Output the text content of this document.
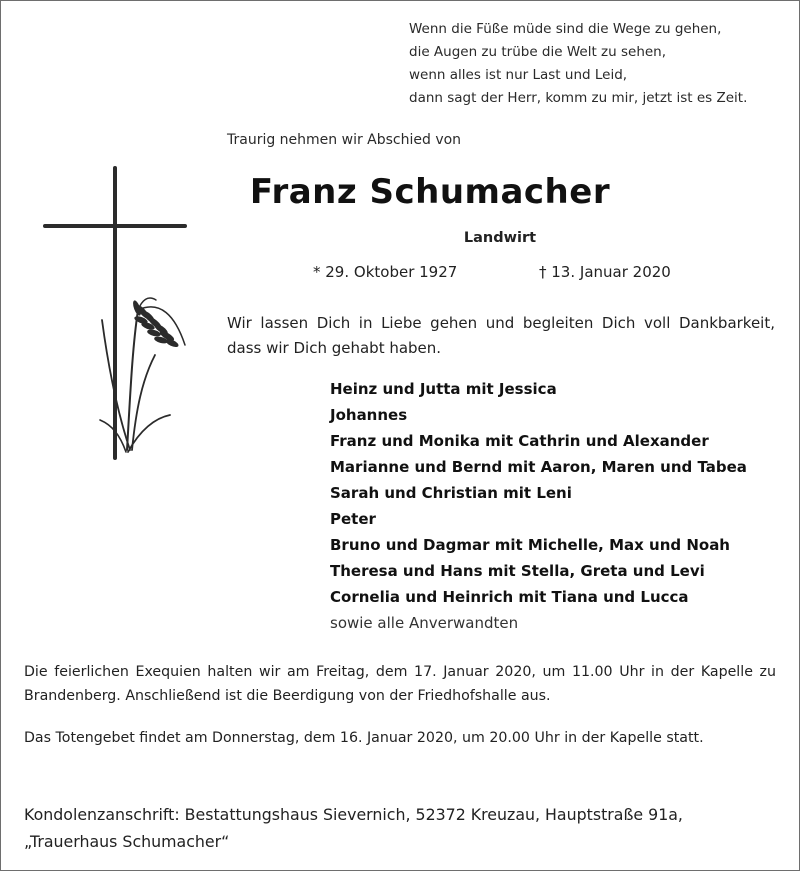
Wenn die Füße müde sind die Wege zu gehen,
die Augen zu trübe die Welt zu sehen,
wenn alles ist nur Last und Leid,
dann sagt der Herr, komm zu mir, jetzt ist es Zeit.
Traurig nehmen wir Abschied von
Franz Schumacher
Landwirt
* 29. Oktober 1927	† 13. Januar 2020
Wir lassen Dich in Liebe gehen und begleiten Dich voll Dankbarkeit, dass wir Dich gehabt haben.
Heinz und Jutta mit Jessica
Johannes
Franz und Monika mit Cathrin und Alexander
Marianne und Bernd mit Aaron, Maren und Tabea
Sarah und Christian mit Leni
Peter
Bruno und Dagmar mit Michelle, Max und Noah
Theresa und Hans mit Stella, Greta und Levi
Cornelia und Heinrich mit Tiana und Lucca
sowie alle Anverwandten
Die feierlichen Exequien halten wir am Freitag, dem 17. Januar 2020, um 11.00 Uhr in der Kapelle zu Brandenberg. Anschließend ist die Beerdigung von der Friedhofshalle aus.
Das Totengebet findet am Donnerstag, dem 16. Januar 2020, um 20.00 Uhr in der Kapelle statt.
Kondolenzanschrift: Bestattungshaus Sievernich, 52372 Kreuzau, Hauptstraße 91a,
„Trauerhaus Schumacher“
